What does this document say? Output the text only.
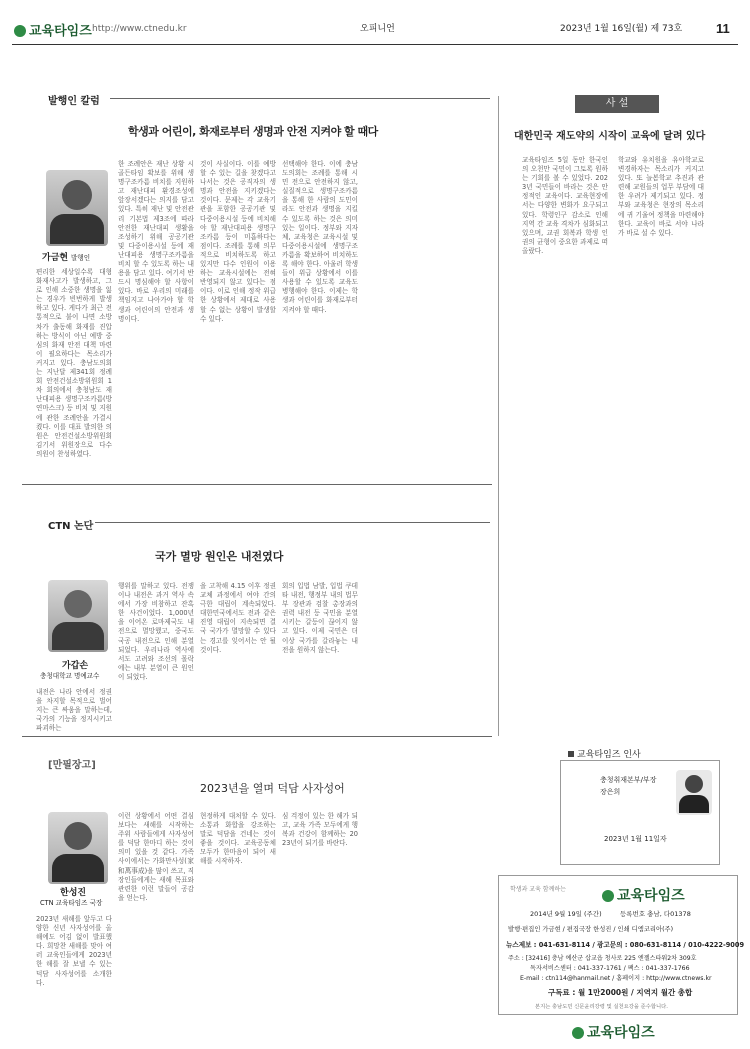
교육타임즈 http://www.ctnedu.kr	오피니언	2023년 1월 16일(월) 제 73호	11
발행인 칼럼
학생과 어린이, 화재로부터 생명과 안전 지켜야 할 때다
가금현 발행인
편리한 세상일수록 대형 화재사고가 발생하고, 그로 인해 소중한 생명을 잃는 경우가 빈번하게 발생하고 있다. 게다가 최근 전통적으로 불이 나면 소방차가 출동해 화재를 진압하는 방식이 아닌 예방 중심의 화재 안전 대책 마련이 필요하다는 목소리가 커지고 있다. 충남도의회는 지난달 제341회 정례회 안전건설소방위원회 1차 회의에서 충청남도 재난대피용 생명구조카름(방연마스크) 등 비치 및 지원에 관한 조례안을 가결시켰다. 이를 대표 발의한 의원은 안전건설소방위원회 김기서 위원장으로 다수 의원이 찬성하였다.
한 조례안은 재난 상황 시 골든타임 확보를 위해 생명구조카름 비치를 지원하고 재난대피 환경조성에 앞장서겠다는 의지를 담고 있다. 특히 재난 및 안전관리 기본법 제3조에 따라 안전한 재난대피 생활을 조성하기 위해 공공기관 및 다중이용시설 등에 재난대피용 생명구조카름을 비치 할 수 있도록 하는 내용을 담고 있다. 여기서 반드시 명심해야 할 사항이 있다. 바로 우리의 미래를 책임지고 나아가야 할 학생과 어린이의 안전과 생명이다.
것이 사실이다. 이를 예방할 수 있는 길을 찾겠다고 나서는 것은 공직자의 생명과 안전을 지키겠다는 것이다. 문제는 각 교육기관을 포함한 공공기관 및 다중이용시설 등에 비치해야 할 재난대피용 생명구조카름 등이 미흡하다는 점이다. 조례를 통해 의무적으로 비치하도록 하고 있지만 다수 인원이 이용하는 교육시설에는 전혀 반영되지 않고 있다는 점이다. 이로 인해 정작 위급한 상황에서 제대로 사용할 수 없는 상황이 발생할 수 있다.
선택해야 한다. 이에 충남도의회는 조례를 통해 시민 전으로 안전하지 않고, 실질적으로 생명구조카름을 통해 한 사람의 도민이라도 안전과 생명을 지킬 수 있도록 하는 것은 의미 있는 일이다. 정부와 지자체, 교육청은 교육시설 및 다중이용시설에 생명구조카름을 확보하여 비치하도록 해야 한다. 아울러 학생들이 위급 상황에서 이를 사용할 수 있도록 교육도 병행해야 한다. 이제는 학생과 어린이를 화재로부터 지켜야 할 때다.
사 설
대한민국 재도약의 시작이 교육에 달려 있다
교육타임즈 5일 동안 한국인의 오천만 국민이 그토록 원하는 기회를 볼 수 있었다. 2023년 국민들이 바라는 것은 안정적인 교육이다. 교육현장에서는 다양한 변화가 요구되고 있다. 학령인구 감소로 인해 지역 간 교육 격차가 심화되고 있으며, 교권 회복과 학생 인권의 균형이 중요한 과제로 떠올랐다.
학교와 유치원을 유아학교로 변경하자는 목소리가 커지고 있다. 또 늘봄학교 추진과 관련해 교원들의 업무 부담에 대한 우려가 제기되고 있다. 정부와 교육청은 현장의 목소리에 귀 기울여 정책을 마련해야 한다. 교육이 바로 서야 나라가 바로 설 수 있다.
CTN 논단
국가 멸망 원인은 내전였다
가갑손
충청대학교 명예교수
내전은 나라 안에서 정권을 차지할 목적으로 벌어지는 큰 싸움을 말하는데, 국가의 기능을 정지시키고 파괴하는
행위를 말하고 있다. 전쟁이나 내전은 과거 역사 속에서 가장 비참하고 잔혹한 사건이었다. 1,000년을 이어온 로마제국도 내전으로 멸망했고, 중국도 국공 내전으로 인해 분열되었다. 우리나라 역사에서도 고려와 조선의 몰락에는 내부 분열이 큰 원인이 되었다.
을 고착해 4.15 이후 정권 교체 과정에서 여야 간의 극한 대립이 계속되었다. 대한민국에서도 전과 같은 진영 대립이 지속되면 결국 국가가 멸망할 수 있다는 경고를 잊어서는 안 될 것이다.
회의 입법 남발, 입법 쿠데타 내전, 행정부 내의 법무부 장관과 검찰 총장과의 권력 내전 등 국민을 분열시키는 갈등이 끊이지 않고 있다. 이제 국민은 더 이상 국가를 갈라놓는 내전을 원하지 않는다.
교육타임즈 인사
충청취재본부/부장
장은희
2023년 1월 11일자
[만필장고]
2023년을 열며 덕담 사자성어
한성진
CTN 교육타임즈 국장
2023년 새해를 앞두고 다양한 신년 사자성어를 올해에도 어김 없이 발표했다. 희망찬 새해를 맞아 여러 교육인들에게 2023년 한 해를 잘 보낼 수 있는 덕담 사자성어를 소개한다.
이런 상황에서 어떤 결심보다는 새해를 시작하는 주위 사람들에게 사자성어를 덕담 한마디 하는 것이 의미 있을 것 같다. 가족 사이에서는 가화만사성(家和萬事成)을 많이 쓰고, 직장인들에게는 새해 목표와 관련한 이런 말들이 공감을 얻는다.
현정하게 대처할 수 있다. 소통과 화합을 강조하는 말로 덕담을 건네는 것이 좋을 것이다. 교육공동체 모두가 한마음이 되어 새해를 시작하자.
심 걱정이 있는 한 해가 되고, 교육 가족 모두에게 행복과 건강이 함께하는 2023년이 되기를 바란다.
학생과 교육 함께하는	교육타임즈
2014년 9월 19일 (주간)	등록번호 충남, 다01378
발행·편집인 가금현 / 편집국장 한성진 / 인쇄 디엠코리아(주)
뉴스제보 : 041-631-8114 / 광고문의 : 080-631-8114 / 010-4222-9009
주소 : [32416] 충남 예산군 삽교읍 청사로 225 엔젤스타워2차 309호
독자서비스센터 : 041-337-1761 / 팩스 : 041-337-1766
E-mail : ctn114@hanmail.net / 홈페이지 : http://www.ctnews.kr
구독료 : 월 1만2000원 / 지역지 월간 총합
본지는 충남도민 신문윤리강령 및 실천요강을 준수합니다.
교육타임즈
